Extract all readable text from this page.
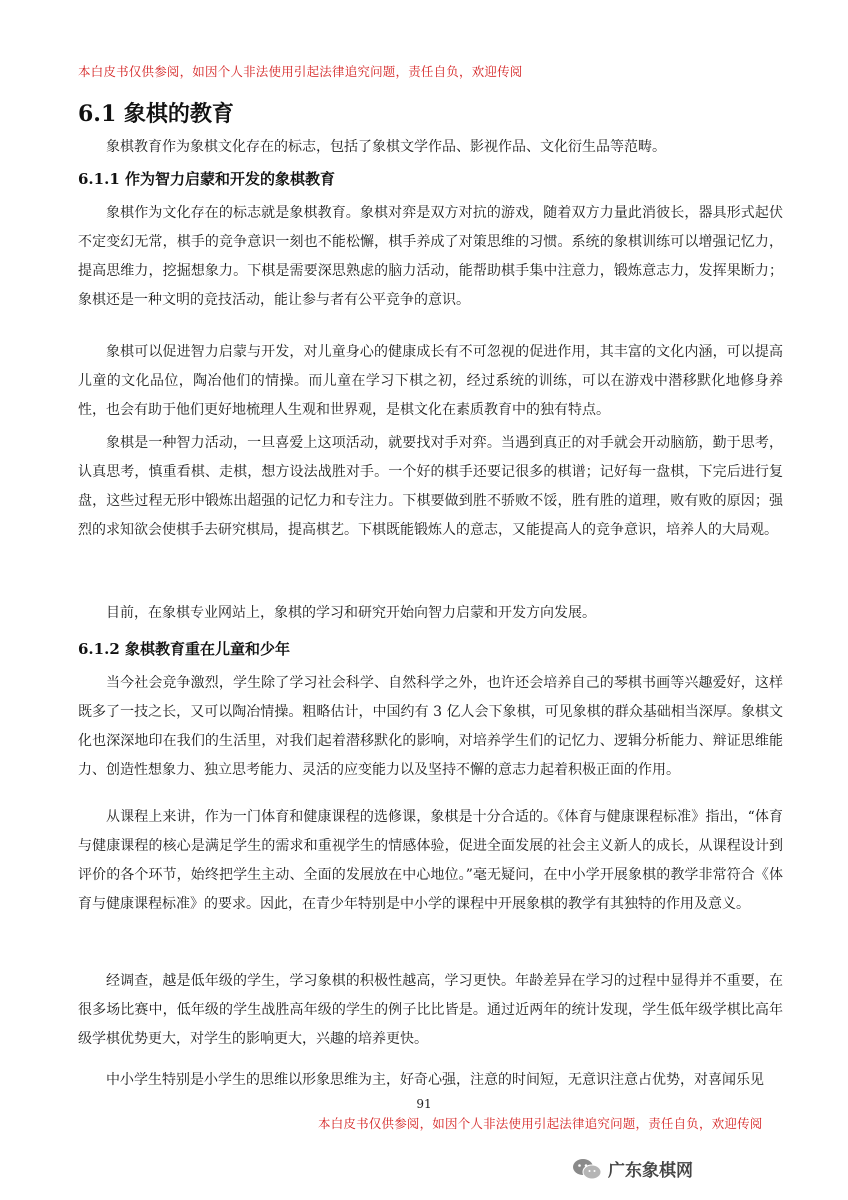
本白皮书仅供参阅，如因个人非法使用引起法律追究问题，责任自负，欢迎传阅
6.1 象棋的教育

象棋教育作为象棋文化存在的标志，包括了象棋文学作品、影视作品、文化衍生品等范畴。

6.1.1 作为智力启蒙和开发的象棋教育

象棋作为文化存在的标志就是象棋教育。象棋对弈是双方对抗的游戏，随着双方力量此消彼长，器具形式起伏不定变幻无常，棋手的竞争意识一刻也不能松懈，棋手养成了对策思维的习惯。系统的象棋训练可以增强记忆力，提高思维力，挖掘想象力。下棋是需要深思熟虑的脑力活动，能帮助棋手集中注意力，锻炼意志力，发挥果断力；象棋还是一种文明的竞技活动，能让参与者有公平竞争的意识。

象棋可以促进智力启蒙与开发，对儿童身心的健康成长有不可忽视的促进作用，其丰富的文化内涵，可以提高儿童的文化品位，陶冶他们的情操。而儿童在学习下棋之初，经过系统的训练，可以在游戏中潜移默化地修身养性，也会有助于他们更好地梳理人生观和世界观，是棋文化在素质教育中的独有特点。

象棋是一种智力活动，一旦喜爱上这项活动，就要找对手对弈。当遇到真正的对手就会开动脑筋，勤于思考，认真思考，慎重看棋、走棋，想方设法战胜对手。一个好的棋手还要记很多的棋谱；记好每一盘棋，下完后进行复盘，这些过程无形中锻炼出超强的记忆力和专注力。下棋要做到胜不骄败不馁，胜有胜的道理，败有败的原因；强烈的求知欲会使棋手去研究棋局，提高棋艺。下棋既能锻炼人的意志，又能提高人的竞争意识，培养人的大局观。

目前，在象棋专业网站上，象棋的学习和研究开始向智力启蒙和开发方向发展。

6.1.2 象棋教育重在儿童和少年

当今社会竞争激烈，学生除了学习社会科学、自然科学之外，也许还会培养自己的琴棋书画等兴趣爱好，这样既多了一技之长，又可以陶冶情操。粗略估计，中国约有 3 亿人会下象棋，可见象棋的群众基础相当深厚。象棋文化也深深地印在我们的生活里，对我们起着潜移默化的影响，对培养学生们的记忆力、逻辑分析能力、辩证思维能力、创造性想象力、独立思考能力、灵活的应变能力以及坚持不懈的意志力起着积极正面的作用。

从课程上来讲，作为一门体育和健康课程的选修课，象棋是十分合适的。《体育与健康课程标准》指出，“体育与健康课程的核心是满足学生的需求和重视学生的情感体验，促进全面发展的社会主义新人的成长，从课程设计到评价的各个环节，始终把学生主动、全面的发展放在中心地位。”毫无疑问，在中小学开展象棋的教学非常符合《体育与健康课程标准》的要求。因此，在青少年特别是中小学的课程中开展象棋的教学有其独特的作用及意义。

经调查，越是低年级的学生，学习象棋的积极性越高，学习更快。年龄差异在学习的过程中显得并不重要，在很多场比赛中，低年级的学生战胜高年级的学生的例子比比皆是。通过近两年的统计发现，学生低年级学棋比高年级学棋优势更大，对学生的影响更大，兴趣的培养更快。

中小学生特别是小学生的思维以形象思维为主，好奇心强，注意的时间短，无意识注意占优势，对喜闻乐见

91
本白皮书仅供参阅，如因个人非法使用引起法律追究问题，责任自负，欢迎传阅
广东象棋网
